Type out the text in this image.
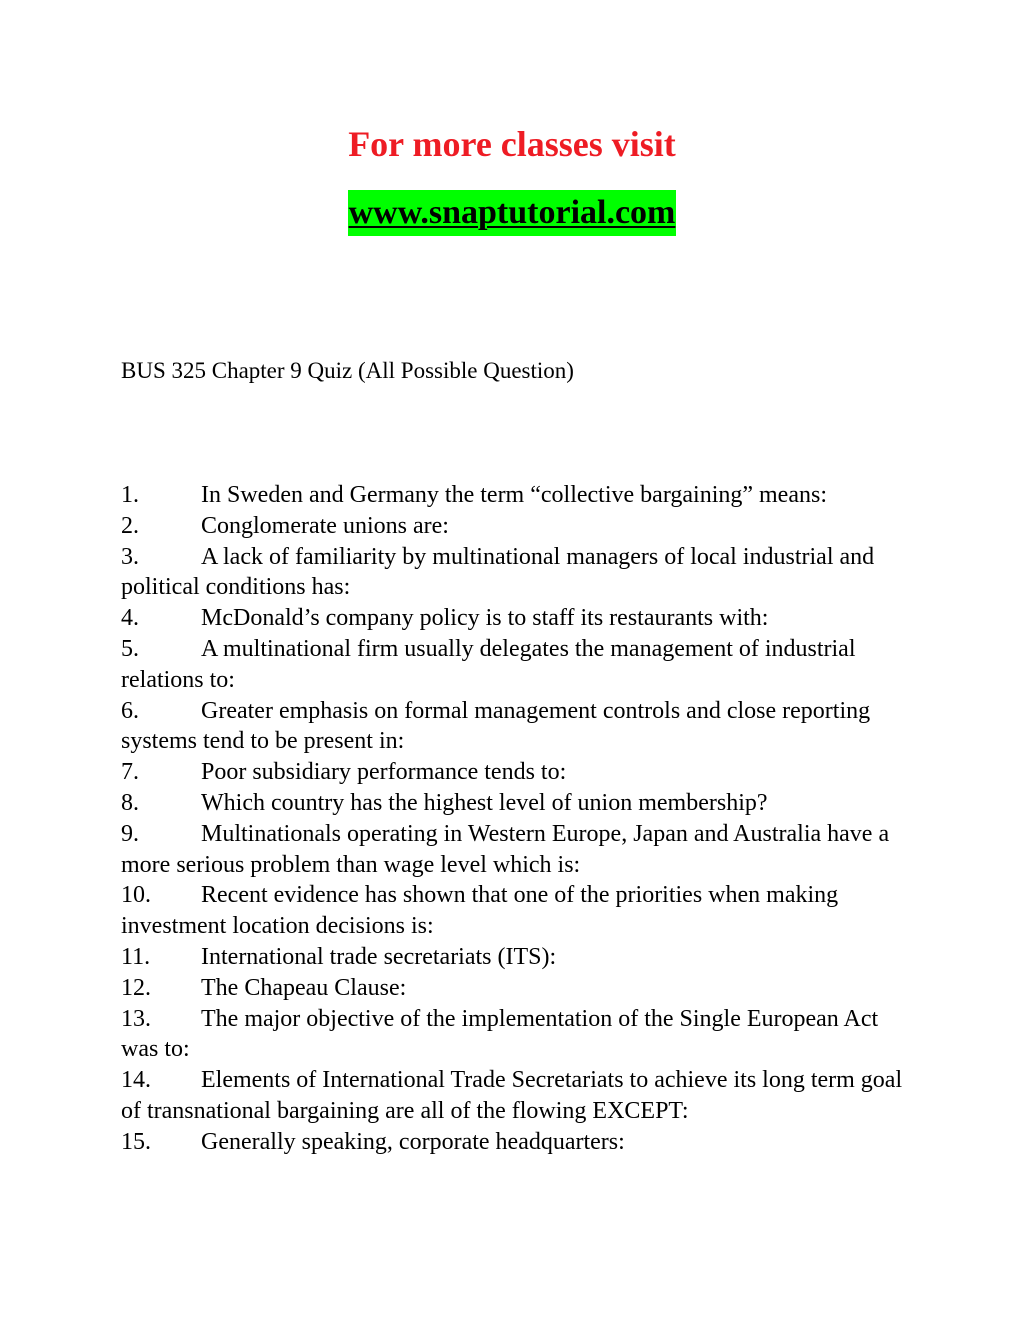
For more classes visit
www.snaptutorial.com
BUS 325 Chapter 9 Quiz (All Possible Question)
1.	In Sweden and Germany the term “collective bargaining” means:
2.	Conglomerate unions are:
3.	A lack of familiarity by multinational managers of local industrial and political conditions has:
4.	McDonald’s company policy is to staff its restaurants with:
5.	A multinational firm usually delegates the management of industrial relations to:
6.	Greater emphasis on formal management controls and close reporting systems tend to be present in:
7.	Poor subsidiary performance tends to:
8.	Which country has the highest level of union membership?
9.	Multinationals operating in Western Europe, Japan and Australia have a more serious problem than wage level which is:
10. Recent evidence has shown that one of the priorities when making investment location decisions is:
11. International trade secretariats (ITS):
12. The Chapeau Clause:
13. The major objective of the implementation of the Single European Act was to:
14. Elements of International Trade Secretariats to achieve its long term goal of transnational bargaining are all of the flowing EXCEPT:
15. Generally speaking, corporate headquarters:
